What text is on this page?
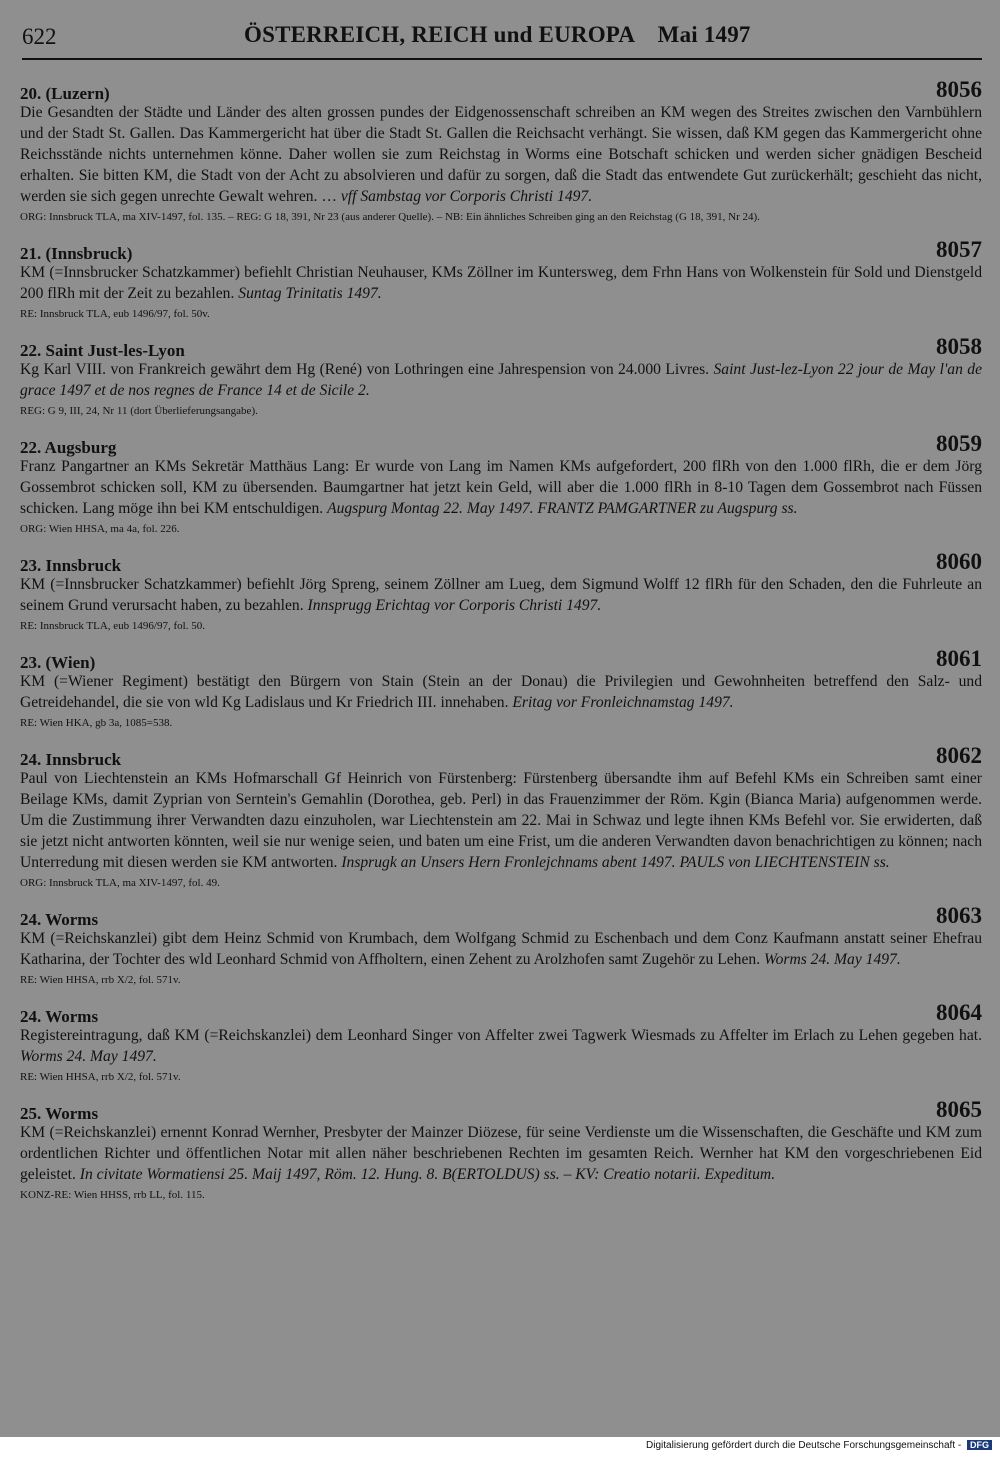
622	ÖSTERREICH, REICH und EUROPA    Mai 1497
20. (Luzern)	8056
Die Gesandten der Städte und Länder des alten grossen pundes der Eidgenossenschaft schreiben an KM wegen des Streites zwischen den Varnbühlern und der Stadt St. Gallen. Das Kammergericht hat über die Stadt St. Gallen die Reichsacht verhängt. Sie wissen, daß KM gegen das Kammergericht ohne Reichsstände nichts unternehmen könne. Daher wollen sie zum Reichstag in Worms eine Botschaft schicken und werden sicher gnädigen Bescheid erhalten. Sie bitten KM, die Stadt von der Acht zu absolvieren und dafür zu sorgen, daß die Stadt das entwendete Gut zurückerhält; geschieht das nicht, werden sie sich gegen unrechte Gewalt wehren. … vff Sambstag vor Corporis Christi 1497.
ORG: Innsbruck TLA, ma XIV-1497, fol. 135. – REG: G 18, 391, Nr 23 (aus anderer Quelle). – NB: Ein ähnliches Schreiben ging an den Reichstag (G 18, 391, Nr 24).
21. (Innsbruck)	8057
KM (=Innsbrucker Schatzkammer) befiehlt Christian Neuhauser, KMs Zöllner im Kuntersweg, dem Frhn Hans von Wolkenstein für Sold und Dienstgeld 200 flRh mit der Zeit zu bezahlen. Suntag Trinitatis 1497.
RE: Innsbruck TLA, eub 1496/97, fol. 50v.
22. Saint Just-les-Lyon	8058
Kg Karl VIII. von Frankreich gewährt dem Hg (René) von Lothringen eine Jahrespension von 24.000 Livres. Saint Just-lez-Lyon 22 jour de May l'an de grace 1497 et de nos regnes de France 14 et de Sicile 2.
REG: G 9, III, 24, Nr 11 (dort Überlieferungsangabe).
22. Augsburg	8059
Franz Pangartner an KMs Sekretär Matthäus Lang: Er wurde von Lang im Namen KMs aufgefordert, 200 flRh von den 1.000 flRh, die er dem Jörg Gossembrot schicken soll, KM zu übersenden. Baumgartner hat jetzt kein Geld, will aber die 1.000 flRh in 8-10 Tagen dem Gossembrot nach Füssen schicken. Lang möge ihn bei KM entschuldigen. Augspurg Montag 22. May 1497. FRANTZ PAMGARTNER zu Augspurg ss.
ORG: Wien HHSA, ma 4a, fol. 226.
23. Innsbruck	8060
KM (=Innsbrucker Schatzkammer) befiehlt Jörg Spreng, seinem Zöllner am Lueg, dem Sigmund Wolff 12 flRh für den Schaden, den die Fuhrleute an seinem Grund verursacht haben, zu bezahlen. Innsprugg Erichtag vor Corporis Christi 1497.
RE: Innsbruck TLA, eub 1496/97, fol. 50.
23. (Wien)	8061
KM (=Wiener Regiment) bestätigt den Bürgern von Stain (Stein an der Donau) die Privilegien und Gewohnheiten betreffend den Salz- und Getreidehandel, die sie von wld Kg Ladislaus und Kr Friedrich III. innehaben. Eritag vor Fronleichnamstag 1497.
RE: Wien HKA, gb 3a, 1085=538.
24. Innsbruck	8062
Paul von Liechtenstein an KMs Hofmarschall Gf Heinrich von Fürstenberg: Fürstenberg übersandte ihm auf Befehl KMs ein Schreiben samt einer Beilage KMs, damit Zyprian von Serntein's Gemahlin (Dorothea, geb. Perl) in das Frauenzimmer der Röm. Kgin (Bianca Maria) aufgenommen werde. Um die Zustimmung ihrer Verwandten dazu einzuholen, war Liechtenstein am 22. Mai in Schwaz und legte ihnen KMs Befehl vor. Sie erwiderten, daß sie jetzt nicht antworten könnten, weil sie nur wenige seien, und baten um eine Frist, um die anderen Verwandten davon benachrichtigen zu können; nach Unterredung mit diesen werden sie KM antworten. Insprugk an Unsers Hern Fronlejchnams abent 1497. PAULS von LIECHTENSTEIN ss.
ORG: Innsbruck TLA, ma XIV-1497, fol. 49.
24. Worms	8063
KM (=Reichskanzlei) gibt dem Heinz Schmid von Krumbach, dem Wolfgang Schmid zu Eschenbach und dem Conz Kaufmann anstatt seiner Ehefrau Katharina, der Tochter des wld Leonhard Schmid von Affholtern, einen Zehent zu Arolzhofen samt Zugehör zu Lehen. Worms 24. May 1497.
RE: Wien HHSA, rrb X/2, fol. 571v.
24. Worms	8064
Registereintragung, daß KM (=Reichskanzlei) dem Leonhard Singer von Affelter zwei Tagwerk Wiesmads zu Affelter im Erlach zu Lehen gegeben hat. Worms 24. May 1497.
RE: Wien HHSA, rrb X/2, fol. 571v.
25. Worms	8065
KM (=Reichskanzlei) ernennt Konrad Wernher, Presbyter der Mainzer Diözese, für seine Verdienste um die Wissenschaften, die Geschäfte und KM zum ordentlichen Richter und öffentlichen Notar mit allen näher beschriebenen Rechten im gesamten Reich. Wernher hat KM den vorgeschriebenen Eid geleistet. In civitate Wormatiensi 25. Maij 1497, Röm. 12. Hung. 8. B(ERTOLDUS) ss. – KV: Creatio notarii. Expeditum.
KONZ-RE: Wien HHSS, rrb LL, fol. 115.
Digitalisierung gefördert durch die Deutsche Forschungsgemeinschaft - DFG
